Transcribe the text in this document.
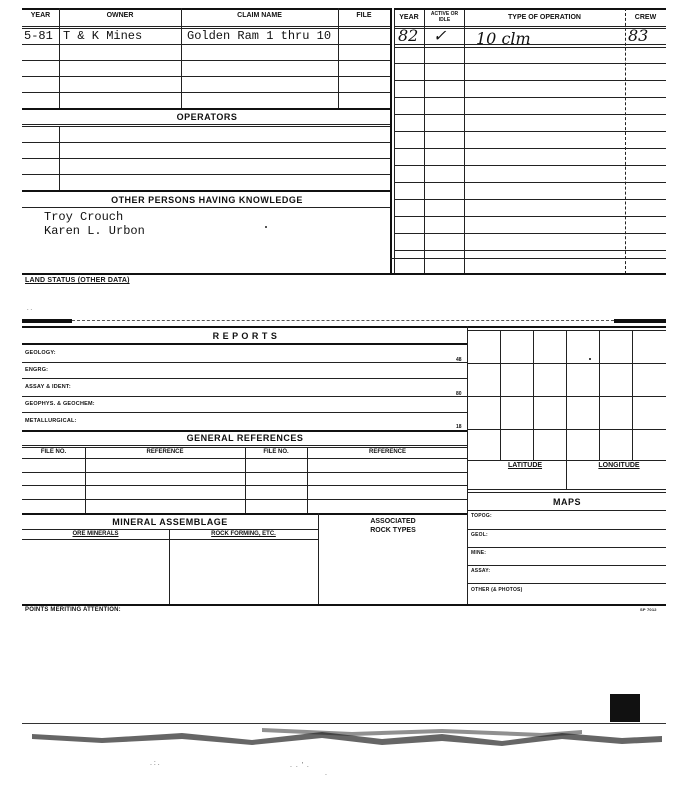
YEAR	OWNER	CLAIM NAME	FILE
5-81 T & K Mines	Golden Ram 1 thru 10
OPERATORS
OTHER PERSONS HAVING KNOWLEDGE
Troy Crouch
Karen L. Urbon
YEAR	ACTIVE OR IDLE	TYPE OF OPERATION	CREW
82 ✓ 10 clm	83
LAND STATUS (OTHER DATA)
. .
R E P O R T S
GEOLOGY:
48
ENGRG:
ASSAY & IDENT:
80
GEOPHYS. & GEOCHEM:
METALLURGICAL:
18
GENERAL REFERENCES
FILE NO.	REFERENCE	FILE NO.	REFERENCE
MINERAL ASSEMBLAGE
ORE MINERALS	ROCK FORMING, ETC.
ASSOCIATED
ROCK TYPES
LATITUDE	LONGITUDE
MAPS
TOPOG:
GEOL:
MINE:
ASSAY:
OTHER (& PHOTOS)
POINTS MERITING ATTENTION:	SP 7012
. : .	.  .  '  .
.
